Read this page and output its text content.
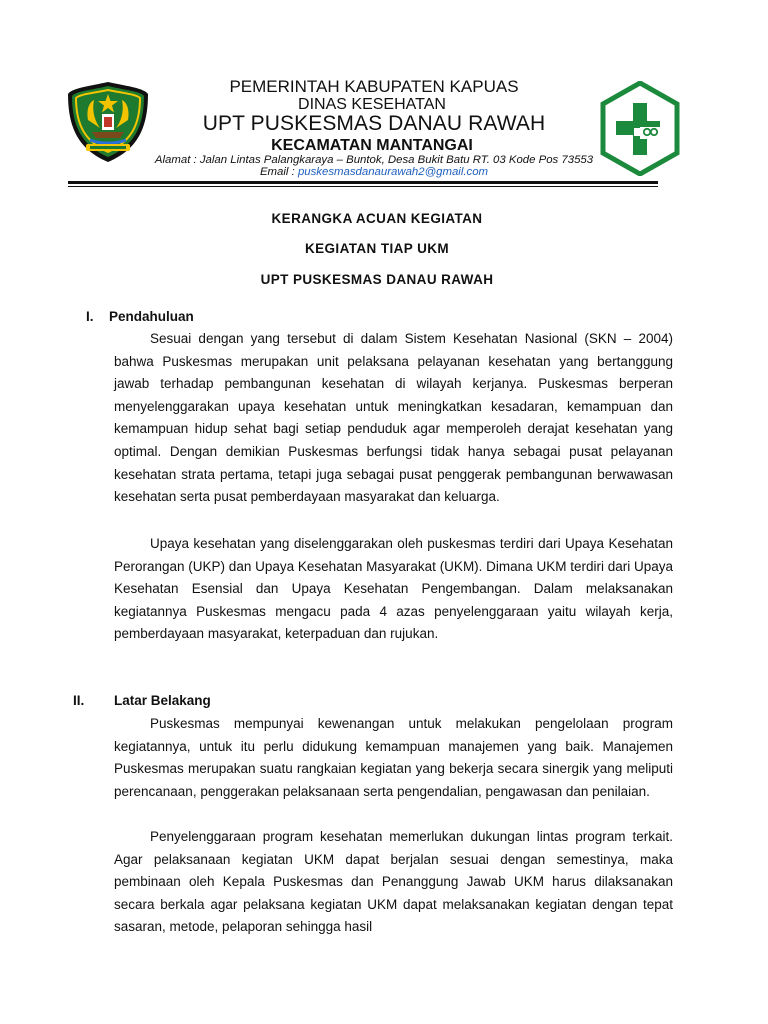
PEMERINTAH KABUPATEN KAPUAS
DINAS KESEHATAN
UPT PUSKESMAS DANAU RAWAH
KECAMATAN MANTANGAI
Alamat : Jalan Lintas Palangkaraya – Buntok, Desa Bukit Batu RT. 03 Kode Pos 73553
Email : puskesmasdanaurawah2@gmail.com
KERANGKA ACUAN KEGIATAN
KEGIATAN TIAP UKM
UPT PUSKESMAS DANAU RAWAH
I. Pendahuluan

Sesuai dengan yang tersebut di dalam Sistem Kesehatan Nasional (SKN – 2004) bahwa Puskesmas merupakan unit pelaksana pelayanan kesehatan yang bertanggung jawab terhadap pembangunan kesehatan di wilayah kerjanya. Puskesmas berperan menyelenggarakan upaya kesehatan untuk meningkatkan kesadaran, kemampuan dan kemampuan hidup sehat bagi setiap penduduk agar memperoleh derajat kesehatan yang optimal. Dengan demikian Puskesmas berfungsi tidak hanya sebagai pusat pelayanan kesehatan strata pertama, tetapi juga sebagai pusat penggerak pembangunan berwawasan kesehatan serta pusat pemberdayaan masyarakat dan keluarga.

Upaya kesehatan yang diselenggarakan oleh puskesmas terdiri dari Upaya Kesehatan Perorangan (UKP) dan Upaya Kesehatan Masyarakat (UKM). Dimana UKM terdiri dari Upaya Kesehatan Esensial dan Upaya Kesehatan Pengembangan. Dalam melaksanakan kegiatannya Puskesmas mengacu pada 4 azas penyelenggaraan yaitu wilayah kerja, pemberdayaan masyarakat, keterpaduan dan rujukan.

II. Latar Belakang

Puskesmas mempunyai kewenangan untuk melakukan pengelolaan program kegiatannya, untuk itu perlu didukung kemampuan manajemen yang baik. Manajemen Puskesmas merupakan suatu rangkaian kegiatan yang bekerja secara sinergik yang meliputi perencanaan, penggerakan pelaksanaan serta pengendalian, pengawasan dan penilaian.

Penyelenggaraan program kesehatan memerlukan dukungan lintas program terkait. Agar pelaksanaan kegiatan UKM dapat berjalan sesuai dengan semestinya, maka pembinaan oleh Kepala Puskesmas dan Penanggung Jawab UKM harus dilaksanakan secara berkala agar pelaksana kegiatan UKM dapat melaksanakan kegiatan dengan tepat sasaran, metode, pelaporan sehingga hasil
